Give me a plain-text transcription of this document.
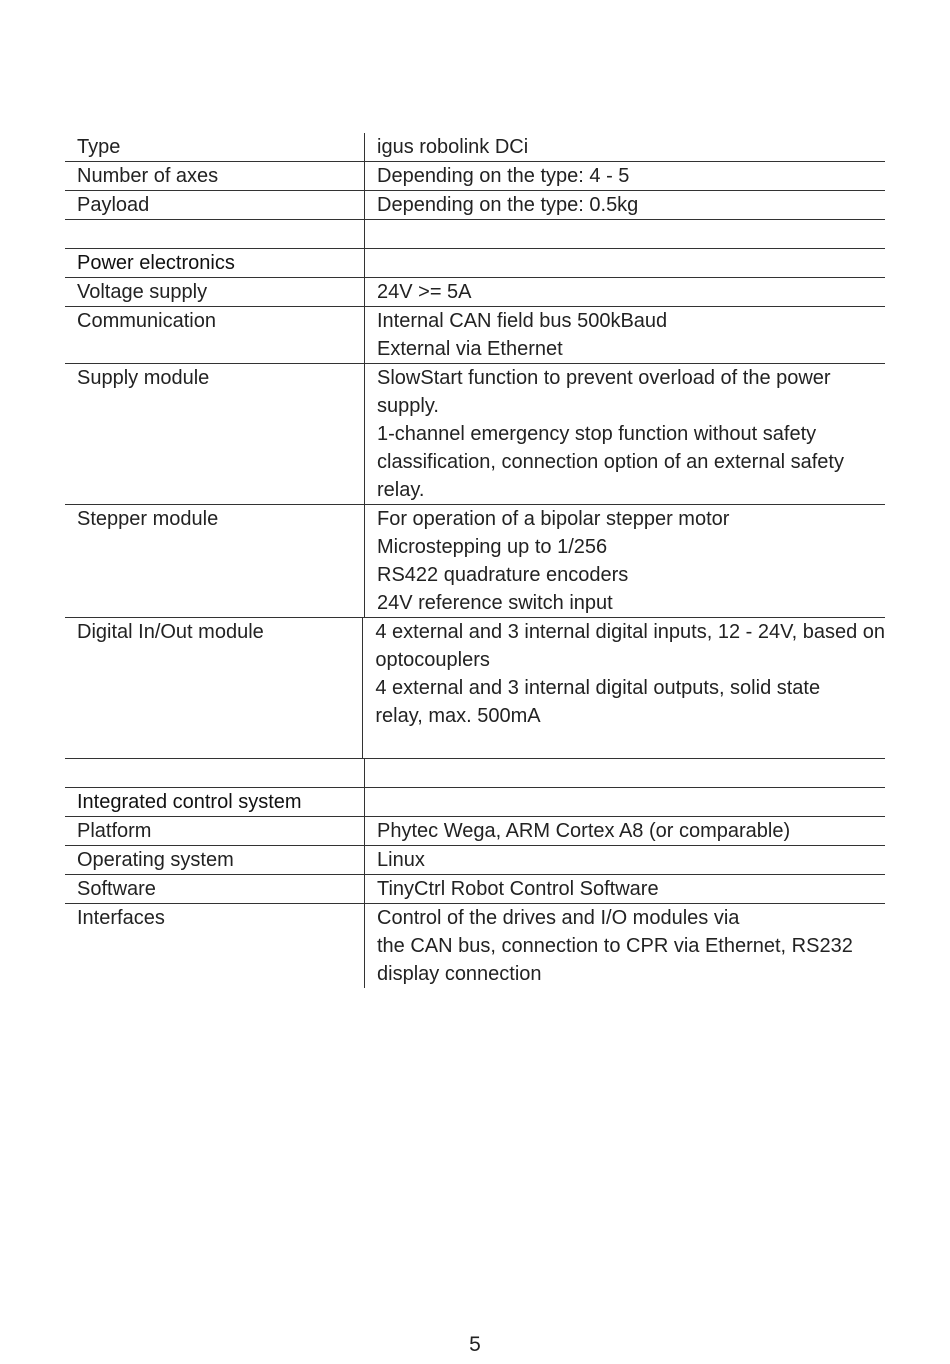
Type	igus robolink DCi
Number of axes	Depending on the type: 4 - 5
Payload	Depending on the type: 0.5kg

Power electronics

Voltage supply	24V >= 5A
Communication	Internal CAN field bus 500kBaud
External via Ethernet
Supply module	SlowStart function to prevent overload of the power
supply.
1-channel emergency stop function without safety
classification, connection option of an external safety
relay.
Stepper module	For operation of a bipolar stepper motor
Microstepping up to 1/256
RS422 quadrature encoders
24V reference switch input
Digital In/Out module	4 external and 3 internal digital inputs, 12 - 24V, based on
optocouplers
4 external and 3 internal digital outputs, solid state
relay, max. 500mA

Integrated control system

Platform	Phytec Wega, ARM Cortex A8 (or comparable)
Operating system	Linux
Software	TinyCtrl Robot Control Software
Interfaces	Control of the drives and I/O modules via
the CAN bus, connection to CPR via Ethernet, RS232
display connection
5
